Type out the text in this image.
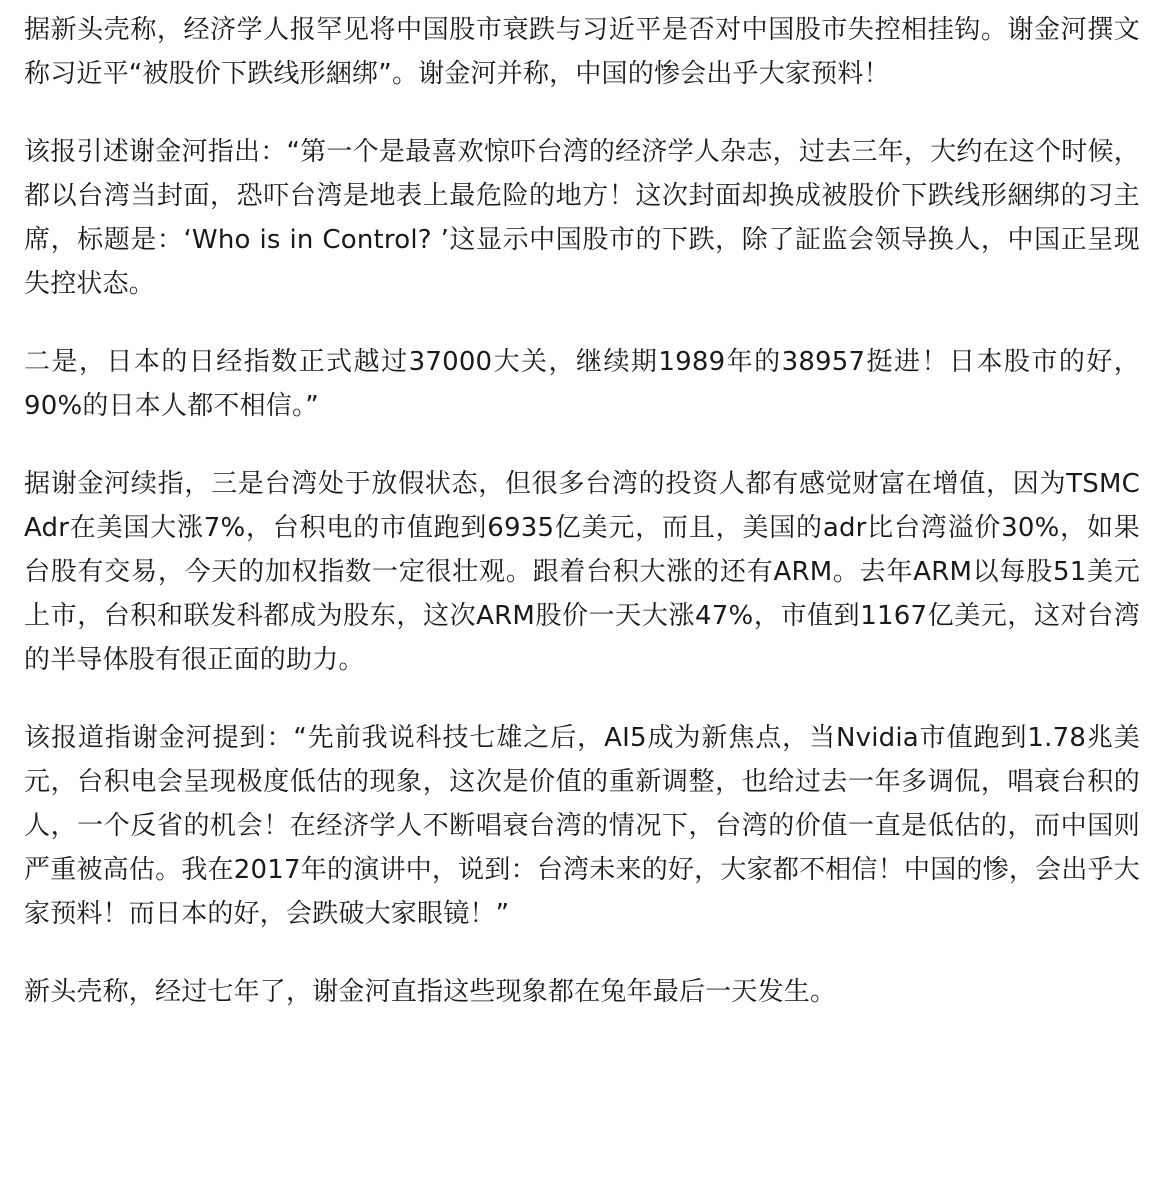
据新头壳称，经济学人报罕见将中国股市衰跌与习近平是否对中国股市失控相挂钩。谢金河撰文称习近平“被股价下跌线形綑绑”。谢金河并称，中国的惨会出乎大家预料！

该报引述谢金河指出：“第一个是最喜欢惊吓台湾的经济学人杂志，过去三年，大约在这个时候，都以台湾当封面，恐吓台湾是地表上最危险的地方！这次封面却换成被股价下跌线形綑绑的习主席，标题是：‘Who is in Control? ’这显示中国股市的下跌，除了証监会领导换人，中国正呈现失控状态。

二是，日本的日经指数正式越过37000大关，继续期1989年的38957挺进！日本股市的好，90%的日本人都不相信。”

据谢金河续指，三是台湾处于放假状态，但很多台湾的投资人都有感觉财富在增值，因为TSMC Adr在美国大涨7%，台积电的市值跑到6935亿美元，而且，美国的adr比台湾溢价30%，如果台股有交易，今天的加权指数一定很壮观。跟着台积大涨的还有ARM。去年ARM以每股51美元上市，台积和联发科都成为股东，这次ARM股价一天大涨47%，市值到1167亿美元，这对台湾的半导体股有很正面的助力。

该报道指谢金河提到：“先前我说科技七雄之后，AI5成为新焦点，当Nvidia市值跑到1.78兆美元，台积电会呈现极度低估的现象，这次是价值的重新调整，也给过去一年多调侃，唱衰台积的人，一个反省的机会！在经济学人不断唱衰台湾的情况下，台湾的价值一直是低估的，而中国则严重被高估。我在2017年的演讲中，说到：台湾未来的好，大家都不相信！中国的惨，会出乎大家预料！而日本的好，会跌破大家眼镜！”

新头壳称，经过七年了，谢金河直指这些现象都在兔年最后一天发生。
